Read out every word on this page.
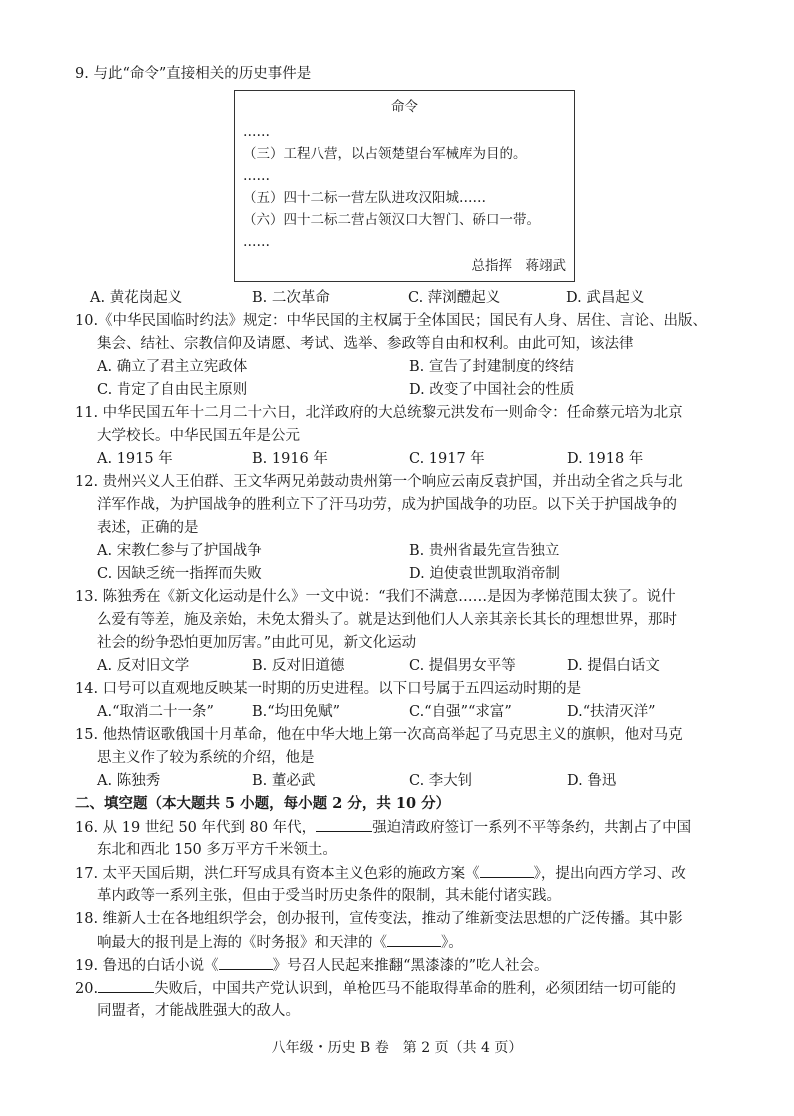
9. 与此“命令”直接相关的历史事件是
命令
……
（三）工程八营，以占领楚望台军械库为目的。
……
（五）四十二标一营左队进攻汉阳城……
（六）四十二标二营占领汉口大智门、硚口一带。
……
总指挥　蒋翊武
A. 黄花岗起义	B. 二次革命	C. 萍浏醴起义	D. 武昌起义
10.《中华民国临时约法》规定：中华民国的主权属于全体国民；国民有人身、居住、言论、出版、
集会、结社、宗教信仰及请愿、考试、选举、参政等自由和权利。由此可知，该法律
A. 确立了君主立宪政体	B. 宣告了封建制度的终结
C. 肯定了自由民主原则	D. 改变了中国社会的性质
11. 中华民国五年十二月二十六日，北洋政府的大总统黎元洪发布一则命令：任命蔡元培为北京
大学校长。中华民国五年是公元
A. 1915 年	B. 1916 年	C. 1917 年	D. 1918 年
12. 贵州兴义人王伯群、王文华两兄弟鼓动贵州第一个响应云南反袁护国，并出动全省之兵与北
洋军作战，为护国战争的胜利立下了汗马功劳，成为护国战争的功臣。以下关于护国战争的
表述，正确的是
A. 宋教仁参与了护国战争	B. 贵州省最先宣告独立
C. 因缺乏统一指挥而失败	D. 迫使袁世凯取消帝制
13. 陈独秀在《新文化运动是什么》一文中说：“我们不满意……是因为孝悌范围太狭了。说什
么爱有等差，施及亲始，未免太猾头了。就是达到他们人人亲其亲长其长的理想世界，那时
社会的纷争恐怕更加厉害。”由此可见，新文化运动
A. 反对旧文学	B. 反对旧道德	C. 提倡男女平等	D. 提倡白话文
14. 口号可以直观地反映某一时期的历史进程。以下口号属于五四运动时期的是
A.“取消二十一条”	B.“均田免赋”	C.“自强”“求富”	D.“扶清灭洋”
15. 他热情讴歌俄国十月革命，他在中华大地上第一次高高举起了马克思主义的旗帜，他对马克
思主义作了较为系统的介绍，他是
A. 陈独秀	B. 董必武	C. 李大钊	D. 鲁迅
二、填空题（本大题共 5 小题，每小题 2 分，共 10 分）
16. 从 19 世纪 50 年代到 80 年代，	强迫清政府签订一系列不平等条约，共割占了中国
东北和西北 150 多万平方千米领土。
17. 太平天国后期，洪仁玕写成具有资本主义色彩的施政方案《	》，提出向西方学习、改
革内政等一系列主张，但由于受当时历史条件的限制，其未能付诸实践。
18. 维新人士在各地组织学会，创办报刊，宣传变法，推动了维新变法思想的广泛传播。其中影
响最大的报刊是上海的《时务报》和天津的《	》。
19. 鲁迅的白话小说《	》号召人民起来推翻“黑漆漆的”吃人社会。
20.	失败后，中国共产党认识到，单枪匹马不能取得革命的胜利，必须团结一切可能的
同盟者，才能战胜强大的敌人。
八年级・历史 B 卷　第 2 页（共 4 页）
